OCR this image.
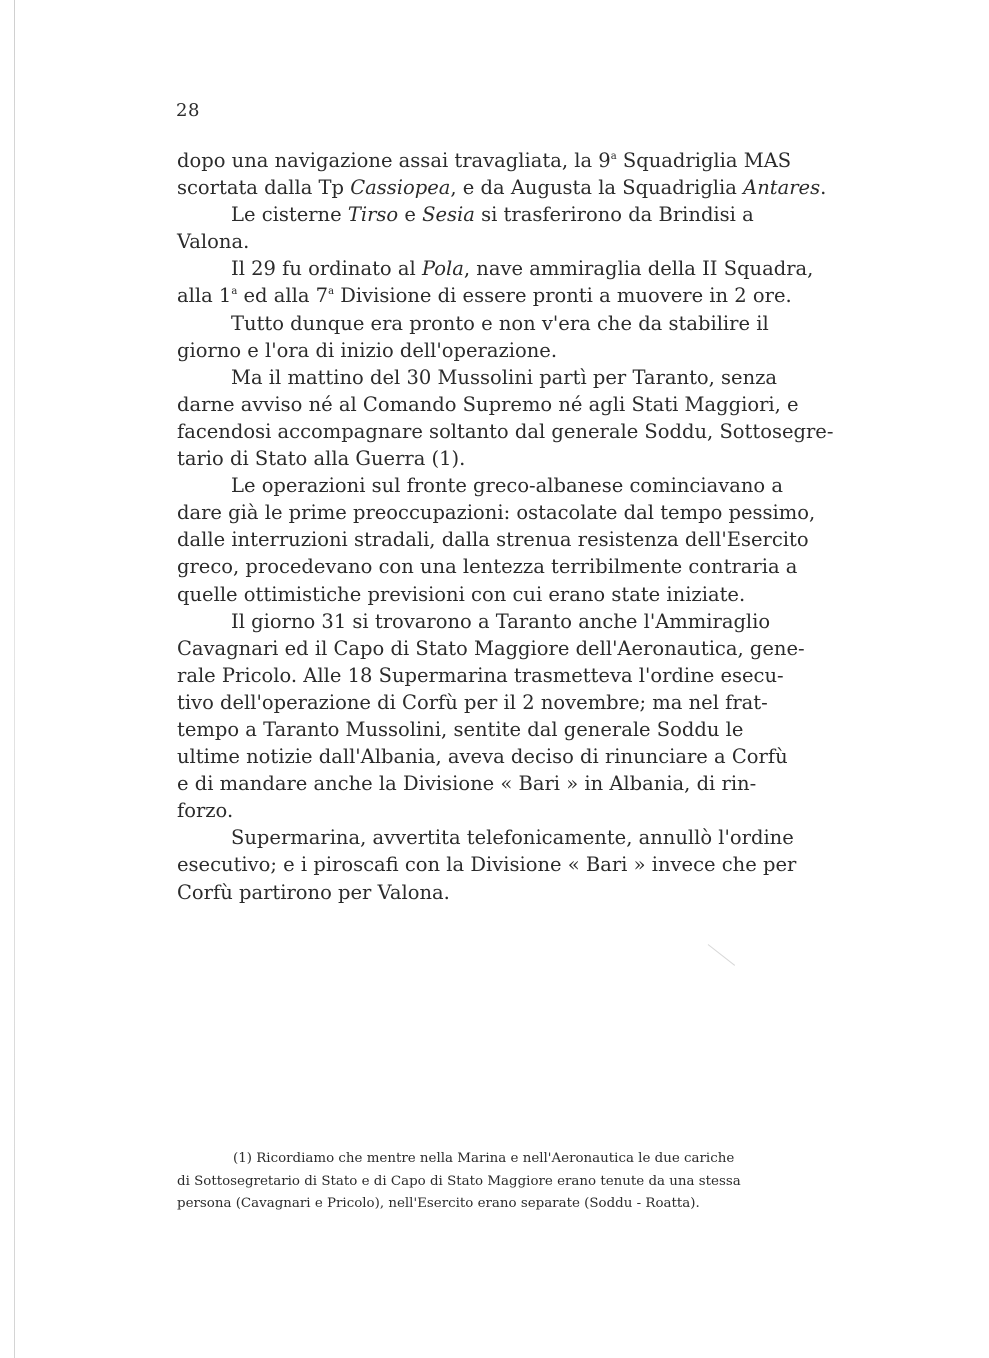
28
dopo una navigazione assai travagliata, la 9$^a$ Squadriglia MAS
scortata dalla Tp Cassiopea, e da Augusta la Squadriglia Antares.
Le cisterne Tirso e Sesia si trasferirono da Brindisi a
Valona.
Il 29 fu ordinato al Pola, nave ammiraglia della II Squadra,
alla 1$^a$ ed alla 7$^a$ Divisione di essere pronti a muovere in 2 ore.
Tutto dunque era pronto e non v'era che da stabilire il
giorno e l'ora di inizio dell'operazione.
Ma il mattino del 30 Mussolini partì per Taranto, senza
darne avviso né al Comando Supremo né agli Stati Maggiori, e
facendosi accompagnare soltanto dal generale Soddu, Sottosegre-
tario di Stato alla Guerra (1).
Le operazioni sul fronte greco-albanese cominciavano a
dare già le prime preoccupazioni: ostacolate dal tempo pessimo,
dalle interruzioni stradali, dalla strenua resistenza dell'Esercito
greco, procedevano con una lentezza terribilmente contraria a
quelle ottimistiche previsioni con cui erano state iniziate.
Il giorno 31 si trovarono a Taranto anche l'Ammiraglio
Cavagnari ed il Capo di Stato Maggiore dell'Aeronautica, gene-
rale Pricolo. Alle 18 Supermarina trasmetteva l'ordine esecu-
tivo dell'operazione di Corfù per il 2 novembre; ma nel frat-
tempo a Taranto Mussolini, sentite dal generale Soddu le
ultime notizie dall'Albania, aveva deciso di rinunciare a Corfù
e di mandare anche la Divisione « Bari » in Albania, di rin-
forzo.
Supermarina, avvertita telefonicamente, annullò l'ordine
esecutivo; e i piroscafi con la Divisione « Bari » invece che per
Corfù partirono per Valona.
(1) Ricordiamo che mentre nella Marina e nell'Aeronautica le due cariche
di Sottosegretario di Stato e di Capo di Stato Maggiore erano tenute da una stessa
persona (Cavagnari e Pricolo), nell'Esercito erano separate (Soddu - Roatta).
